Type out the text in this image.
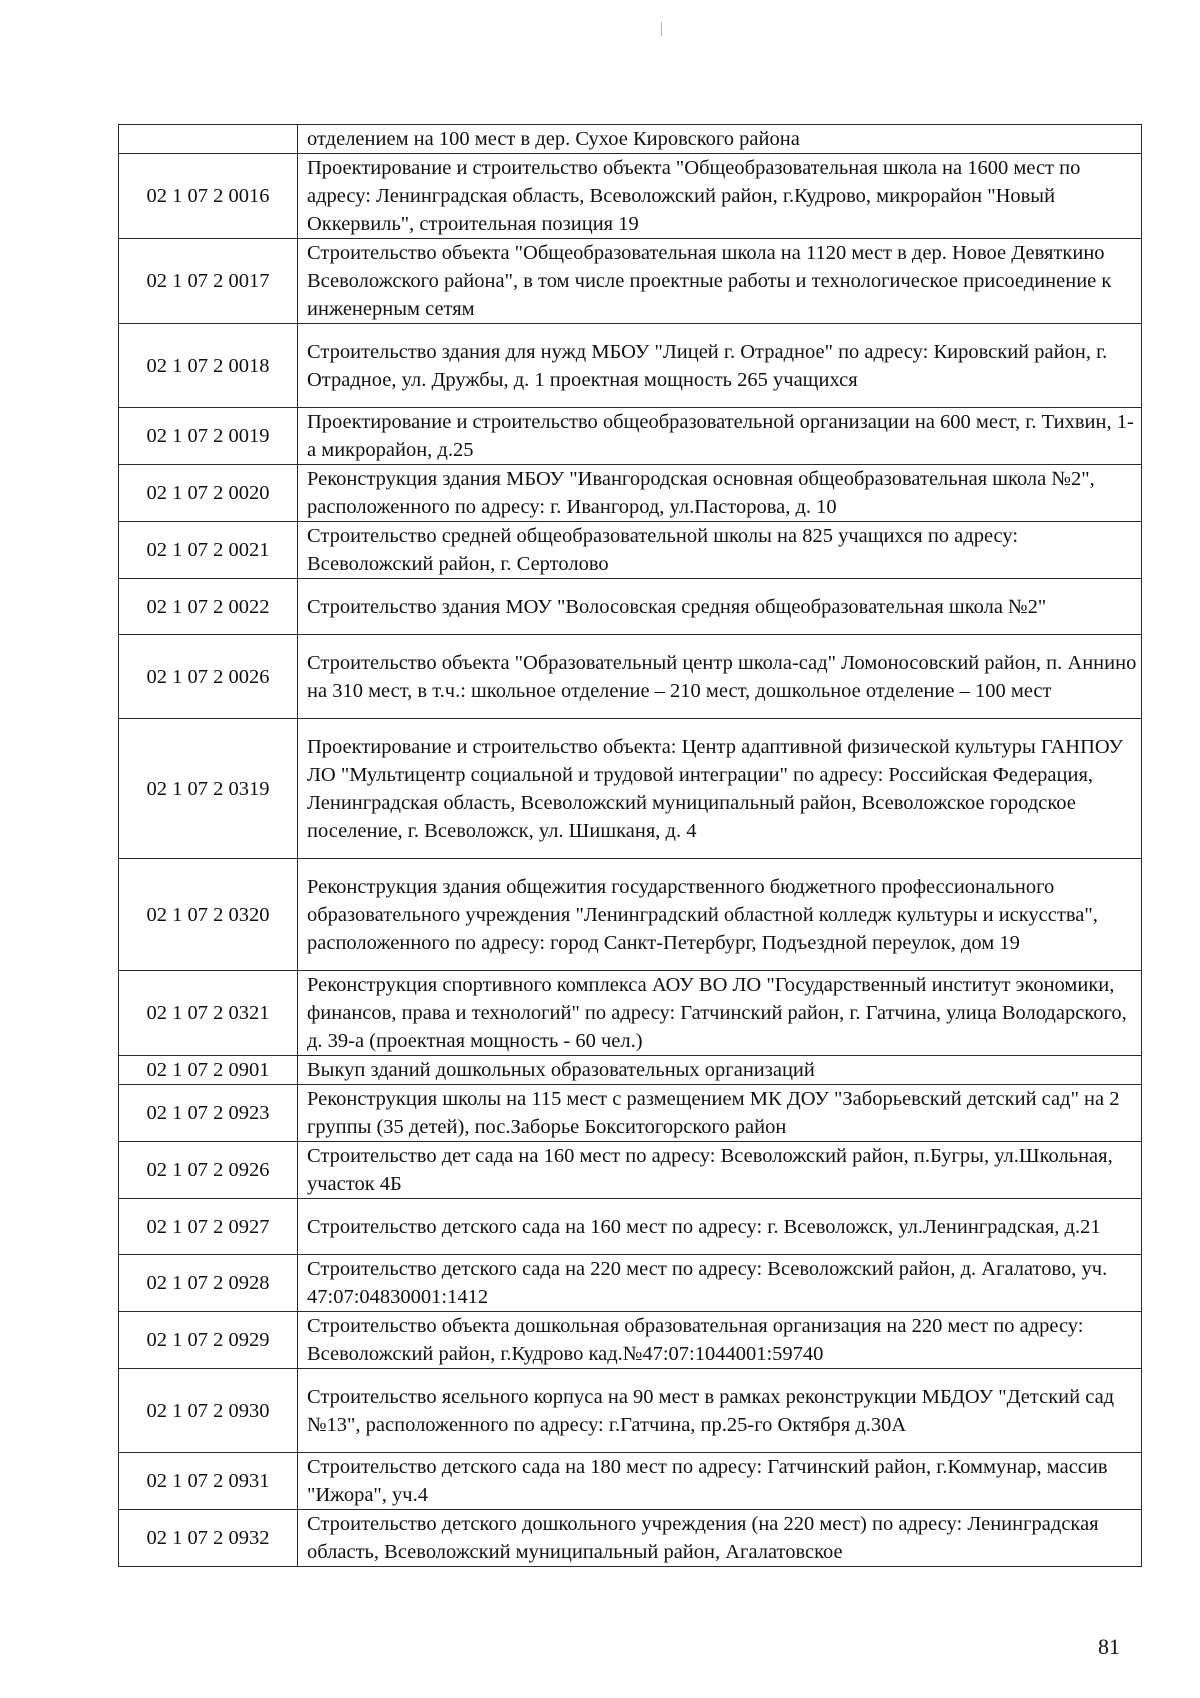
	отделением на 100 мест в дер. Сухое Кировского района
02 1 07 2 0016	Проектирование и строительство объекта "Общеобразовательная школа на 1600 мест по адресу: Ленинградская область, Всеволожский район, г.Кудрово, микрорайон "Новый Оккервиль", строительная позиция 19
02 1 07 2 0017	Строительство объекта "Общеобразовательная школа на 1120 мест в дер. Новое Девяткино Всеволожского района", в том числе проектные работы и технологическое присоединение к инженерным сетям
02 1 07 2 0018	Строительство здания для нужд МБОУ "Лицей г. Отрадное" по адресу: Кировский район, г. Отрадное, ул. Дружбы, д. 1 проектная мощность 265 учащихся
02 1 07 2 0019	Проектирование и строительство общеобразовательной организации на 600 мест, г. Тихвин, 1-а микрорайон, д.25
02 1 07 2 0020	Реконструкция здания МБОУ "Ивангородская основная общеобразовательная школа №2", расположенного по адресу: г. Ивангород, ул.Пасторова, д. 10
02 1 07 2 0021	Строительство средней общеобразовательной школы на 825 учащихся по адресу: Всеволожский район, г. Сертолово
02 1 07 2 0022	Строительство здания МОУ "Волосовская средняя общеобразовательная школа №2"
02 1 07 2 0026	Строительство объекта "Образовательный центр школа-сад" Ломоносовский район, п. Аннино на 310 мест, в т.ч.: школьное отделение – 210 мест, дошкольное отделение – 100 мест
02 1 07 2 0319	Проектирование и строительство объекта: Центр адаптивной физической культуры ГАНПОУ ЛО "Мультицентр социальной и трудовой интеграции" по адресу: Российская Федерация, Ленинградская область, Всеволожский муниципальный район, Всеволожское городское поселение, г. Всеволожск, ул. Шишканя, д. 4
02 1 07 2 0320	Реконструкция здания общежития государственного бюджетного профессионального образовательного учреждения "Ленинградский областной колледж культуры и искусства", расположенного по адресу: город Санкт-Петербург, Подъездной переулок, дом 19
02 1 07 2 0321	Реконструкция спортивного комплекса АОУ ВО ЛО "Государственный институт экономики, финансов, права и технологий" по адресу: Гатчинский район, г. Гатчина, улица Володарского, д. 39-а (проектная мощность - 60 чел.)
02 1 07 2 0901	Выкуп зданий дошкольных образовательных организаций
02 1 07 2 0923	Реконструкция школы на 115 мест с размещением МК ДОУ "Заборьевский детский сад" на 2 группы (35 детей), пос.Заборье Бокситогорского район
02 1 07 2 0926	Строительство дет сада на 160 мест по адресу: Всеволожский район, п.Бугры, ул.Школьная, участок 4Б
02 1 07 2 0927	Строительство детского сада на 160 мест по адресу: г. Всеволожск, ул.Ленинградская, д.21
02 1 07 2 0928	Строительство детского сада на 220 мест по адресу: Всеволожский район, д. Агалатово, уч. 47:07:04830001:1412
02 1 07 2 0929	Строительство объекта дошкольная образовательная организация на 220 мест по адресу: Всеволожский район, г.Кудрово кад.№47:07:1044001:59740
02 1 07 2 0930	Строительство ясельного корпуса на 90 мест в рамках реконструкции МБДОУ "Детский сад №13", расположенного по адресу: г.Гатчина, пр.25-го Октября д.30А
02 1 07 2 0931	Строительство детского сада на 180 мест по адресу: Гатчинский район, г.Коммунар, массив "Ижора", уч.4
02 1 07 2 0932	Строительство детского дошкольного учреждения (на 220 мест) по адресу: Ленинградская область, Всеволожский муниципальный район, Агалатовское
81
